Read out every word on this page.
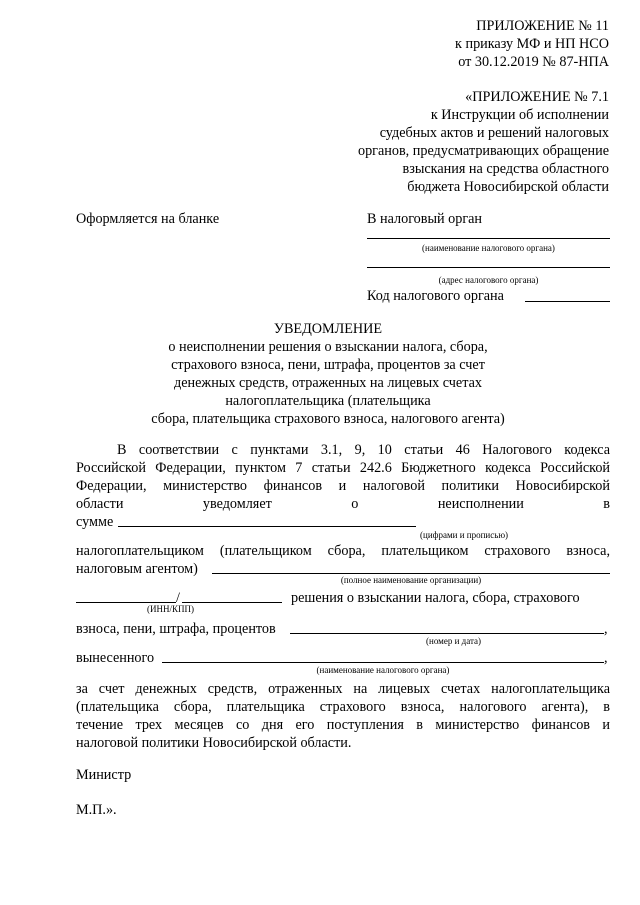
ПРИЛОЖЕНИЕ № 11
к приказу МФ и НП НСО
от 30.12.2019 № 87-НПА
«ПРИЛОЖЕНИЕ № 7.1
к Инструкции об исполнении
судебных актов и решений налоговых
органов, предусматривающих обращение
взыскания на средства областного
бюджета Новосибирской области
Оформляется на бланке	В налоговый орган
(наименование налогового органа)
(адрес налогового органа)
Код налогового органа
УВЕДОМЛЕНИЕ
о неисполнении решения о взыскании налога, сбора,
страхового взноса, пени, штрафа, процентов за счет
денежных средств, отраженных на лицевых счетах
налогоплательщика (плательщика
сбора, плательщика страхового взноса, налогового агента)
В соответствии с пунктами 3.1, 9, 10 статьи 46 Налогового кодекса
Российской Федерации, пунктом 7 статьи 242.6 Бюджетного кодекса Российской
Федерации, министерство финансов и налоговой политики Новосибирской
области уведомляет о неисполнении в
сумме
(цифрами и прописью)
налогоплательщиком (плательщиком сбора, плательщиком страхового взноса,
налоговым агентом)
(полное наименование организации)
/	решения о взыскании налога, сбора, страхового
(ИНН/КПП)
взноса, пени, штрафа, процентов	,
(номер и дата)
вынесенного	,
(наименование налогового органа)
за счет денежных средств, отраженных на лицевых счетах налогоплательщика
(плательщика сбора, плательщика страхового взноса, налогового агента), в
течение трех месяцев со дня его поступления в министерство финансов и
налоговой политики Новосибирской области.
Министр
М.П.».
